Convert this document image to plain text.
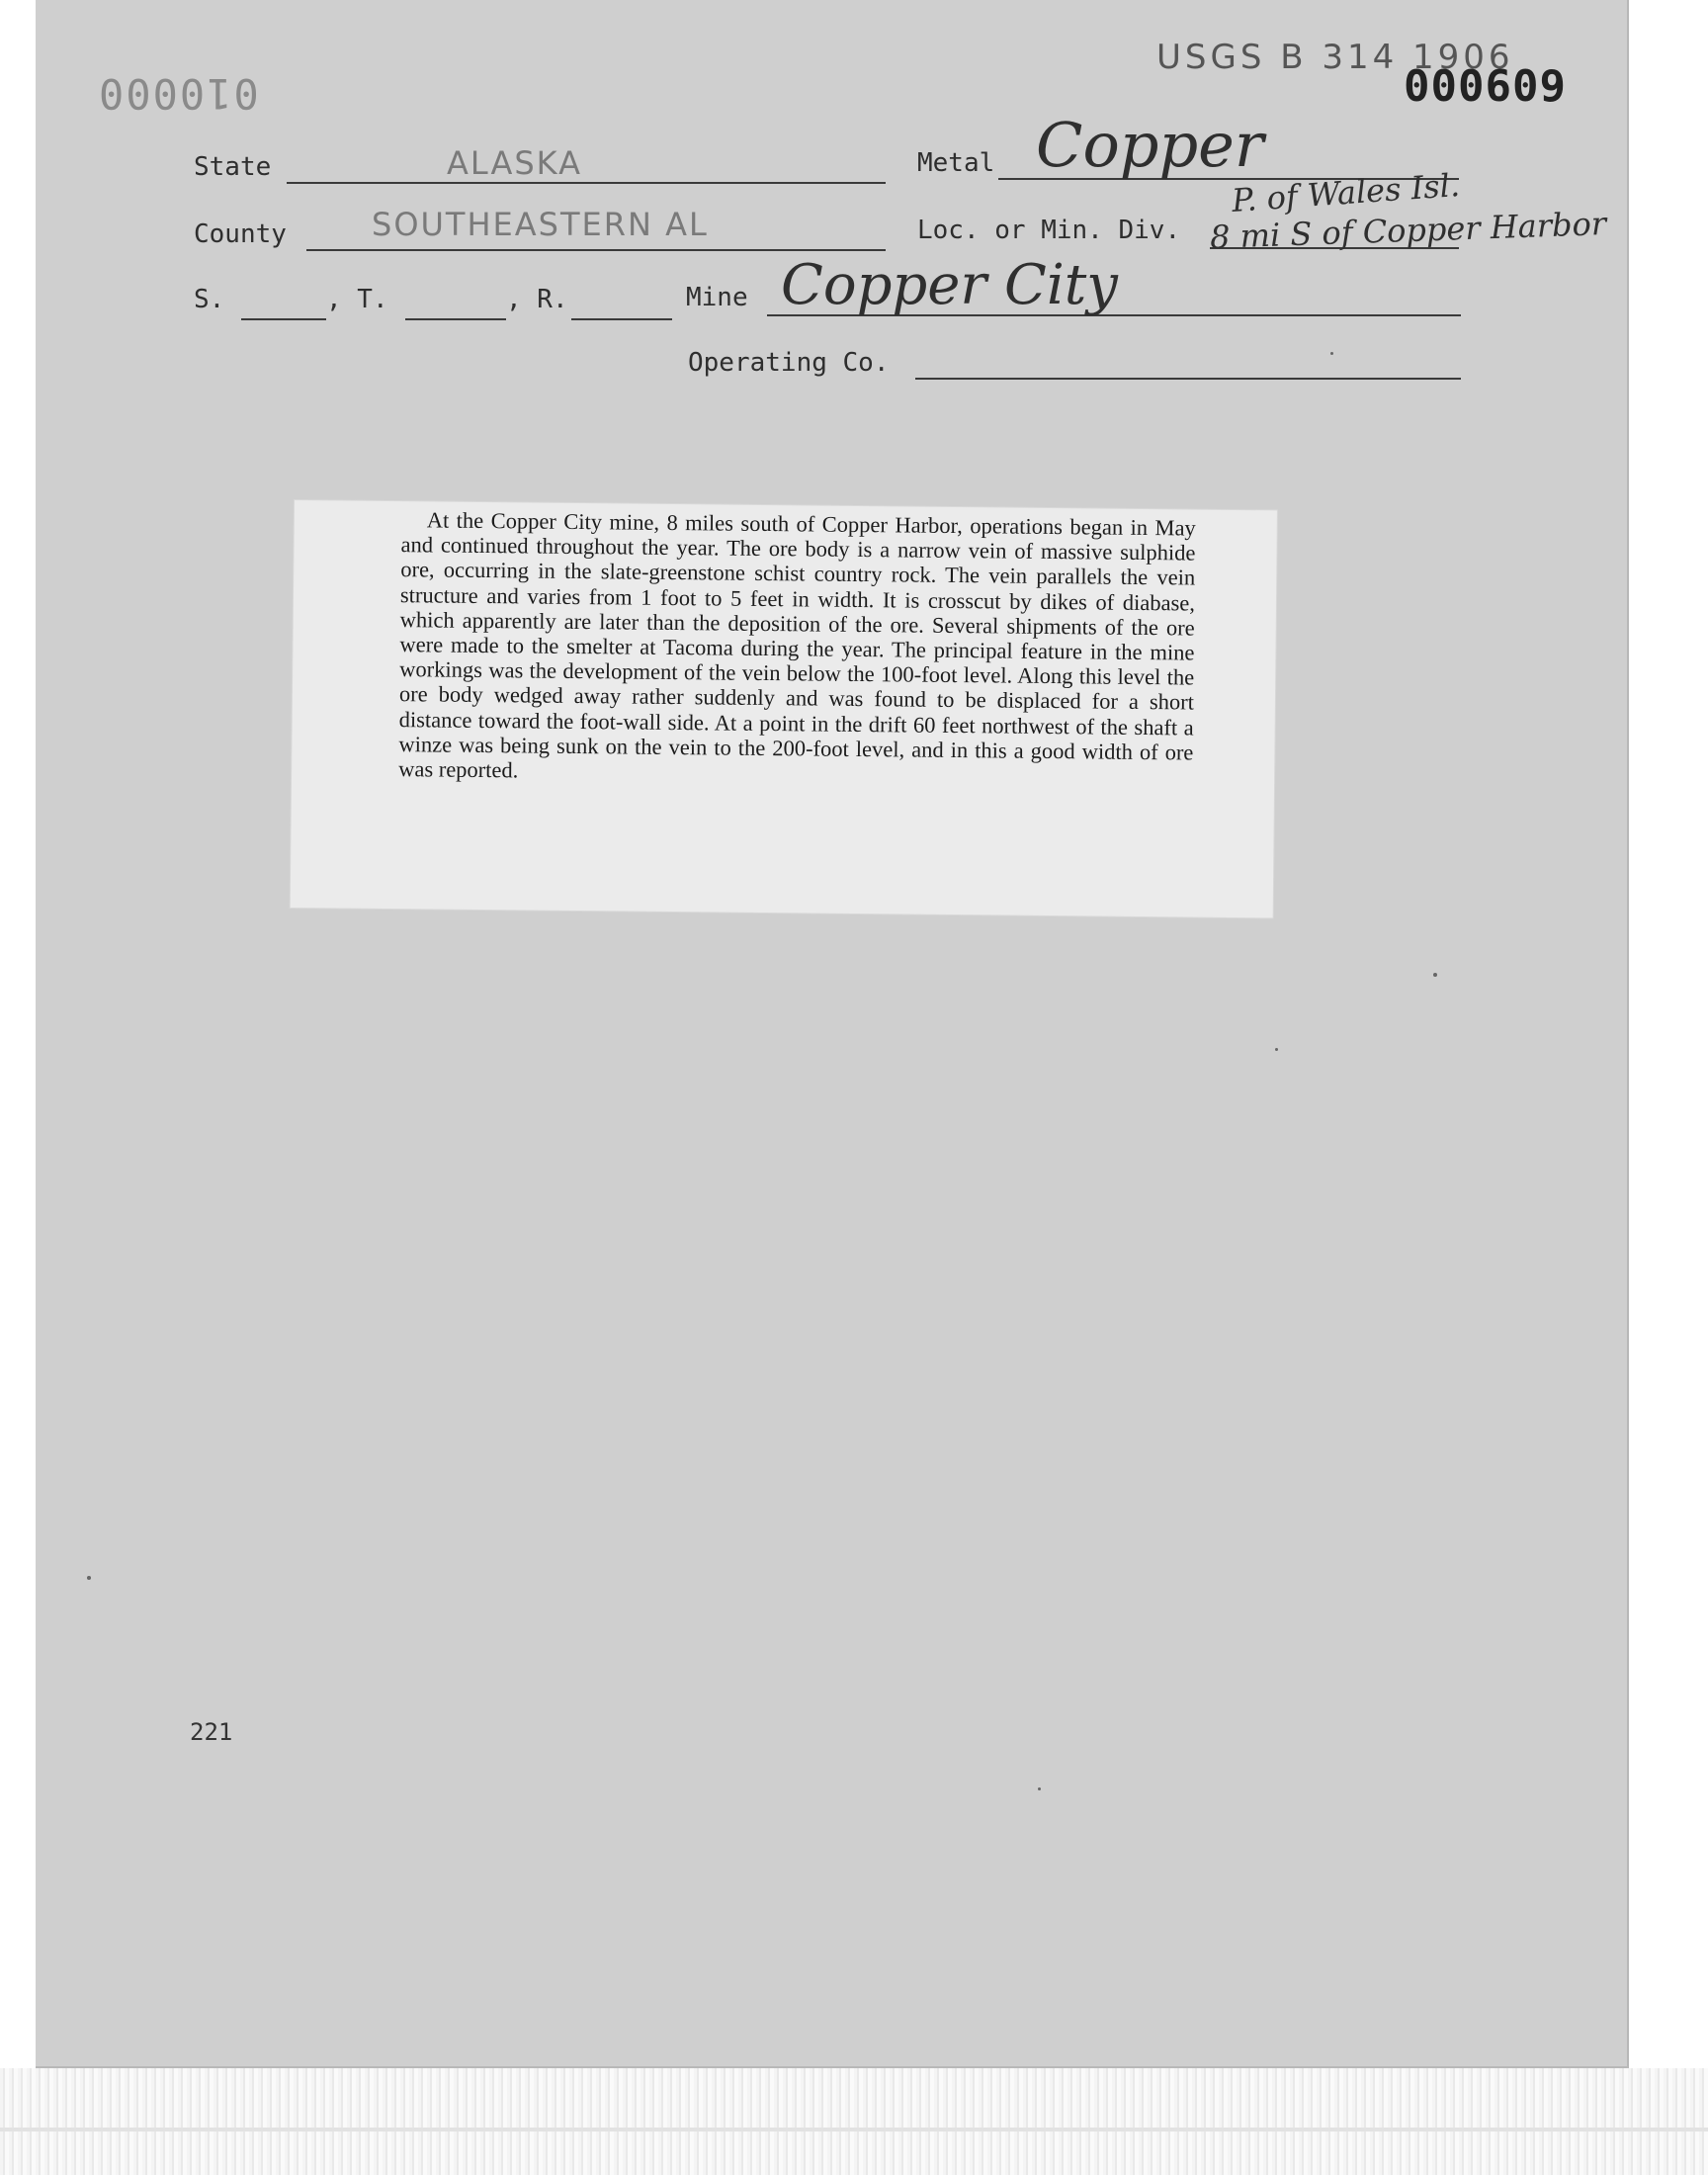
USGS B 314 1906
000609
010000
State	ALASKA	Metal Copper
County	SOUTHEASTERN AL	Loc. or Min. Div.
P. of Wales Isl.
8 mi S of Copper Harbor
S.	, T.	, R.	Mine Copper City
Operating Co.
At the Copper City mine, 8 miles south of Copper Harbor, operations began in May and continued throughout the year. The ore body is a narrow vein of massive sulphide ore, occurring in the slate-greenstone schist country rock. The vein parallels the vein structure and varies from 1 foot to 5 feet in width. It is crosscut by dikes of diabase, which apparently are later than the deposition of the ore. Several shipments of the ore were made to the smelter at Tacoma during the year. The principal feature in the mine workings was the development of the vein below the 100-foot level. Along this level the ore body wedged away rather suddenly and was found to be displaced for a short distance toward the foot-wall side. At a point in the drift 60 feet northwest of the shaft a winze was being sunk on the vein to the 200-foot level, and in this a good width of ore was reported.
221
